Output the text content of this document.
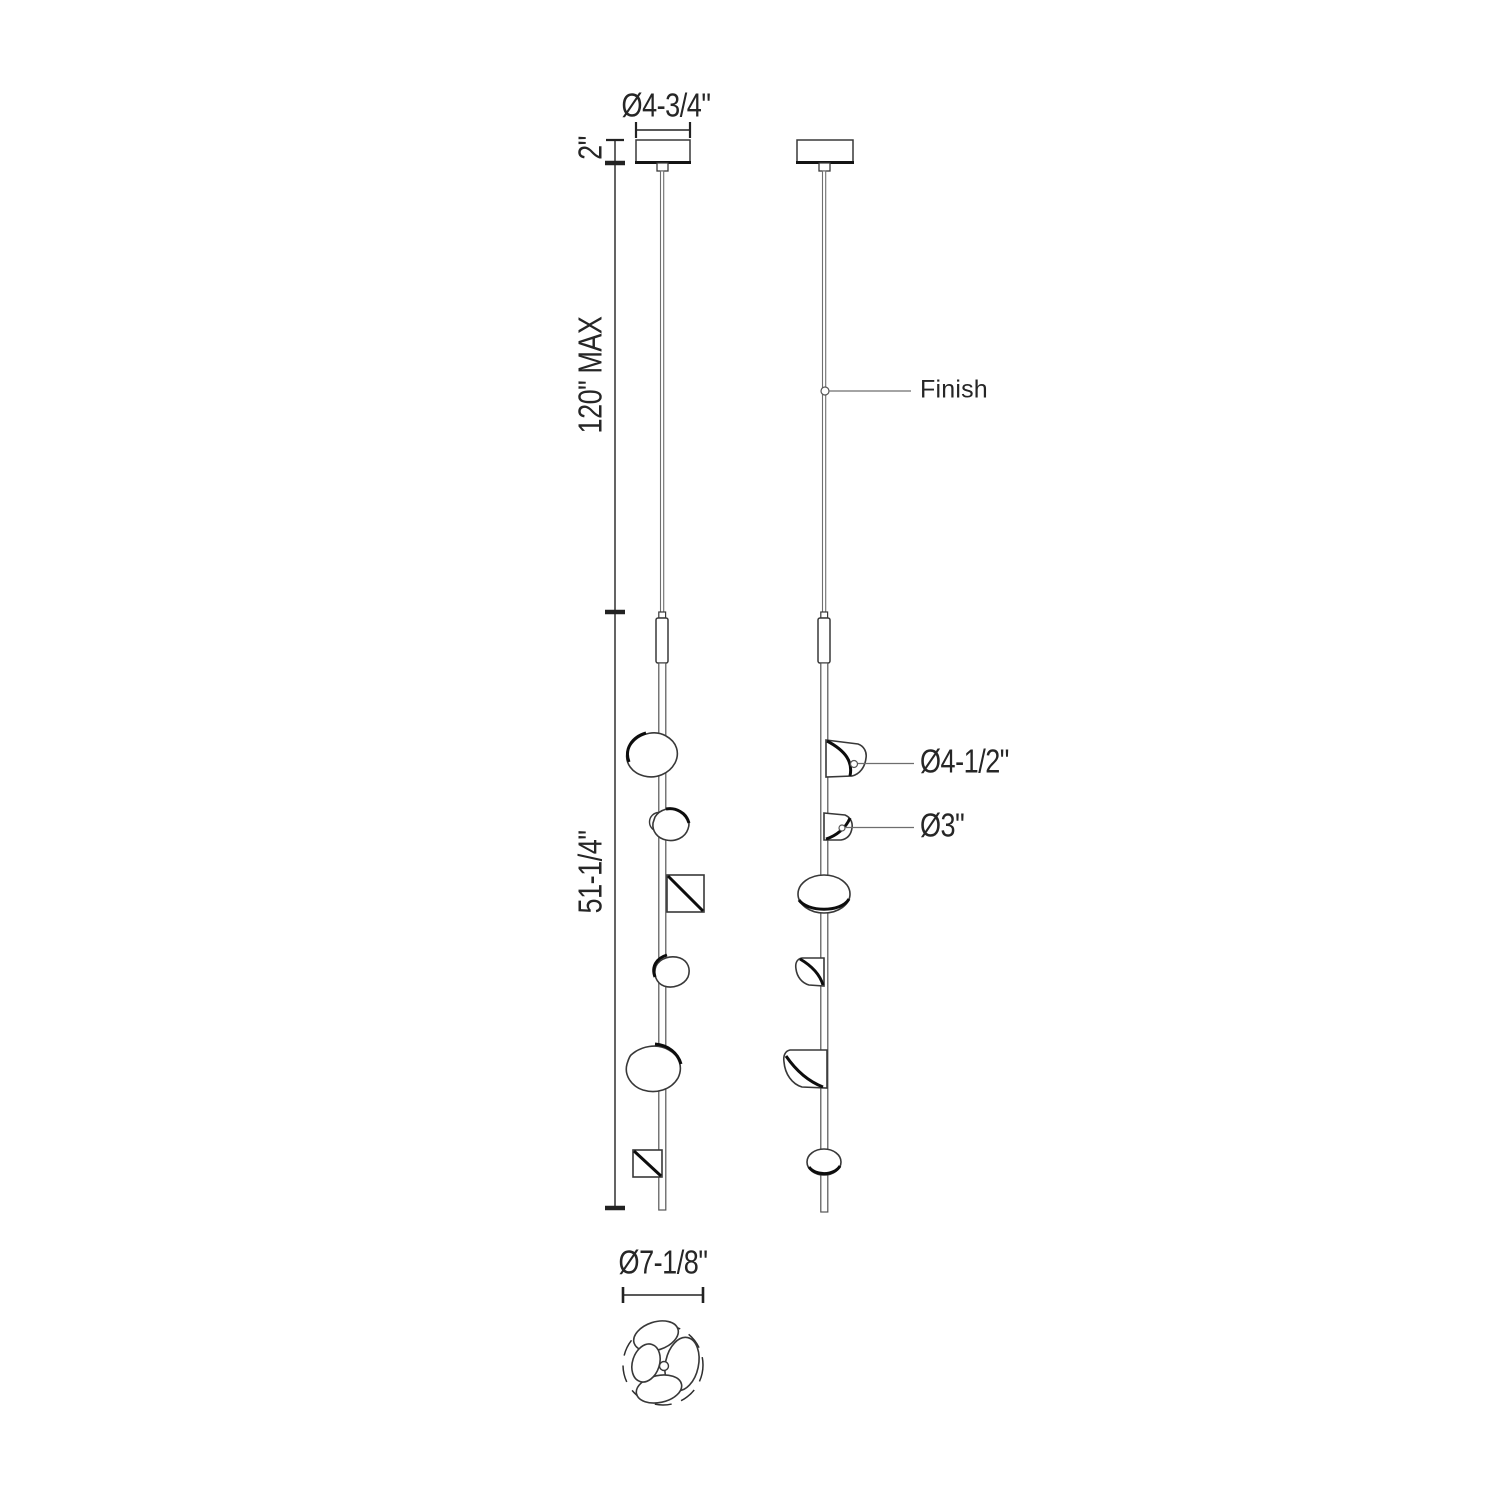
Ø4-3/4"
2"
120" MAX
51-1/4"
Finish
Ø4-1/2"
Ø3"
Ø7-1/8"
